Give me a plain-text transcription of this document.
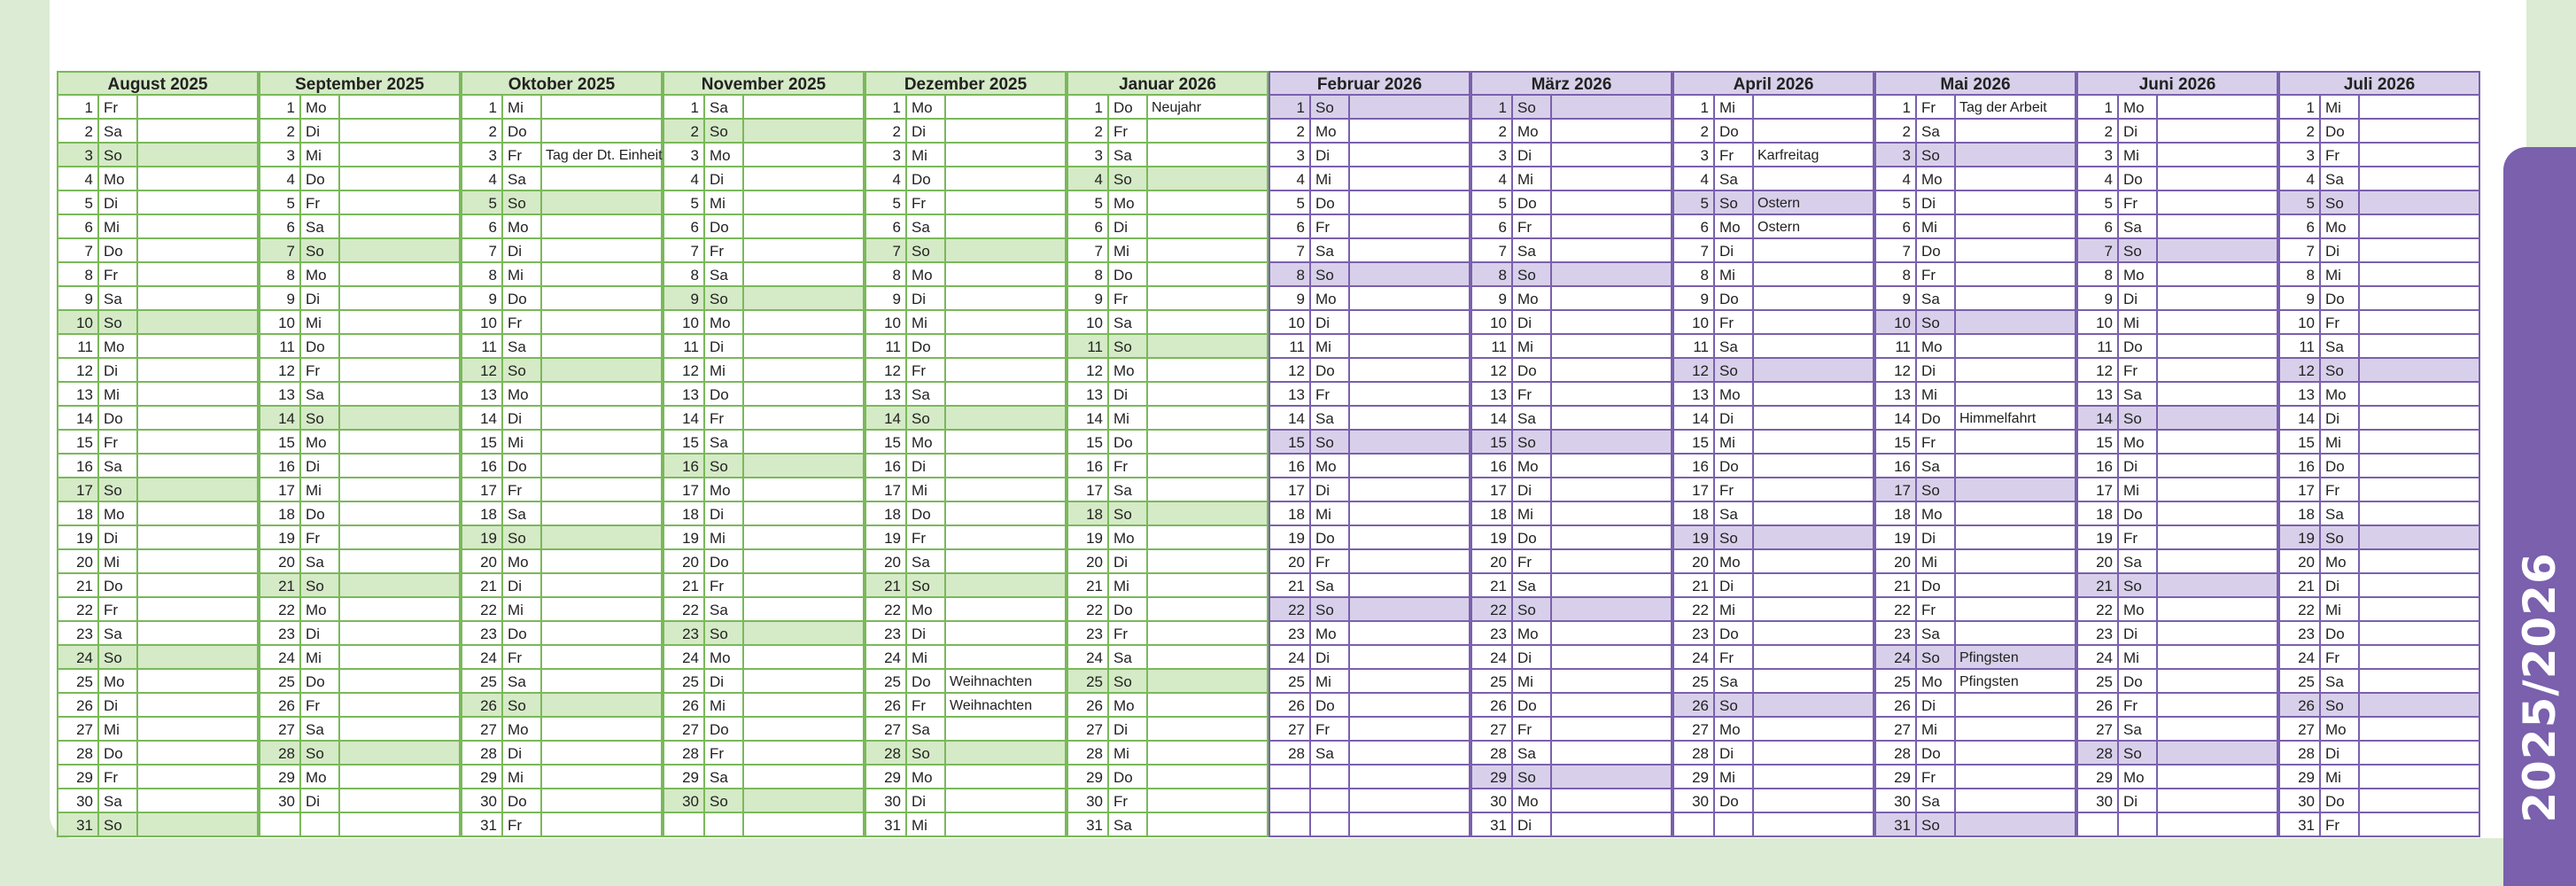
August 2025
1 Fr
2 Sa
3 So
4 Mo
5 Di
6 Mi
7 Do
8 Fr
9 Sa
10 So
11 Mo
12 Di
13 Mi
14 Do
15 Fr
16 Sa
17 So
18 Mo
19 Di
20 Mi
21 Do
22 Fr
23 Sa
24 So
25 Mo
26 Di
27 Mi
28 Do
29 Fr
30 Sa
31 So
September 2025
1 Mo
2 Di
3 Mi
4 Do
5 Fr
6 Sa
7 So
8 Mo
9 Di
10 Mi
11 Do
12 Fr
13 Sa
14 So
15 Mo
16 Di
17 Mi
18 Do
19 Fr
20 Sa
21 So
22 Mo
23 Di
24 Mi
25 Do
26 Fr
27 Sa
28 So
29 Mo
30 Di
Oktober 2025
1 Mi
2 Do
3 Fr	Tag der Dt. Einheit
4 Sa
5 So
6 Mo
7 Di
8 Mi
9 Do
10 Fr
11 Sa
12 So
13 Mo
14 Di
15 Mi
16 Do
17 Fr
18 Sa
19 So
20 Mo
21 Di
22 Mi
23 Do
24 Fr
25 Sa
26 So
27 Mo
28 Di
29 Mi
30 Do
31 Fr
November 2025
1 Sa
2 So
3 Mo
4 Di
5 Mi
6 Do
7 Fr
8 Sa
9 So
10 Mo
11 Di
12 Mi
13 Do
14 Fr
15 Sa
16 So
17 Mo
18 Di
19 Mi
20 Do
21 Fr
22 Sa
23 So
24 Mo
25 Di
26 Mi
27 Do
28 Fr
29 Sa
30 So
Dezember 2025
1 Mo
2 Di
3 Mi
4 Do
5 Fr
6 Sa
7 So
8 Mo
9 Di
10 Mi
11 Do
12 Fr
13 Sa
14 So
15 Mo
16 Di
17 Mi
18 Do
19 Fr
20 Sa
21 So
22 Mo
23 Di
24 Mi
25 Do	Weihnachten
26 Fr	Weihnachten
27 Sa
28 So
29 Mo
30 Di
31 Mi
Januar 2026
1 Do	Neujahr
2 Fr
3 Sa
4 So
5 Mo
6 Di
7 Mi
8 Do
9 Fr
10 Sa
11 So
12 Mo
13 Di
14 Mi
15 Do
16 Fr
17 Sa
18 So
19 Mo
20 Di
21 Mi
22 Do
23 Fr
24 Sa
25 So
26 Mo
27 Di
28 Mi
29 Do
30 Fr
31 Sa
Februar 2026
1 So
2 Mo
3 Di
4 Mi
5 Do
6 Fr
7 Sa
8 So
9 Mo
10 Di
11 Mi
12 Do
13 Fr
14 Sa
15 So
16 Mo
17 Di
18 Mi
19 Do
20 Fr
21 Sa
22 So
23 Mo
24 Di
25 Mi
26 Do
27 Fr
28 Sa
März 2026
1 So
2 Mo
3 Di
4 Mi
5 Do
6 Fr
7 Sa
8 So
9 Mo
10 Di
11 Mi
12 Do
13 Fr
14 Sa
15 So
16 Mo
17 Di
18 Mi
19 Do
20 Fr
21 Sa
22 So
23 Mo
24 Di
25 Mi
26 Do
27 Fr
28 Sa
29 So
30 Mo
31 Di
April 2026
1 Mi
2 Do
3 Fr	Karfreitag
4 Sa
5 So	Ostern
6 Mo	Ostern
7 Di
8 Mi
9 Do
10 Fr
11 Sa
12 So
13 Mo
14 Di
15 Mi
16 Do
17 Fr
18 Sa
19 So
20 Mo
21 Di
22 Mi
23 Do
24 Fr
25 Sa
26 So
27 Mo
28 Di
29 Mi
30 Do
Mai 2026
1 Fr	Tag der Arbeit
2 Sa
3 So
4 Mo
5 Di
6 Mi
7 Do
8 Fr
9 Sa
10 So
11 Mo
12 Di
13 Mi
14 Do	Himmelfahrt
15 Fr
16 Sa
17 So
18 Mo
19 Di
20 Mi
21 Do
22 Fr
23 Sa
24 So	Pfingsten
25 Mo	Pfingsten
26 Di
27 Mi
28 Do
29 Fr
30 Sa
31 So
Juni 2026
1 Mo
2 Di
3 Mi
4 Do
5 Fr
6 Sa
7 So
8 Mo
9 Di
10 Mi
11 Do
12 Fr
13 Sa
14 So
15 Mo
16 Di
17 Mi
18 Do
19 Fr
20 Sa
21 So
22 Mo
23 Di
24 Mi
25 Do
26 Fr
27 Sa
28 So
29 Mo
30 Di
Juli 2026
1 Mi
2 Do
3 Fr
4 Sa
5 So
6 Mo
7 Di
8 Mi
9 Do
10 Fr
11 Sa
12 So
13 Mo
14 Di
15 Mi
16 Do
17 Fr
18 Sa
19 So
20 Mo
21 Di
22 Mi
23 Do
24 Fr
25 Sa
26 So
27 Mo
28 Di
29 Mi
30 Do
31 Fr
2025/2026
